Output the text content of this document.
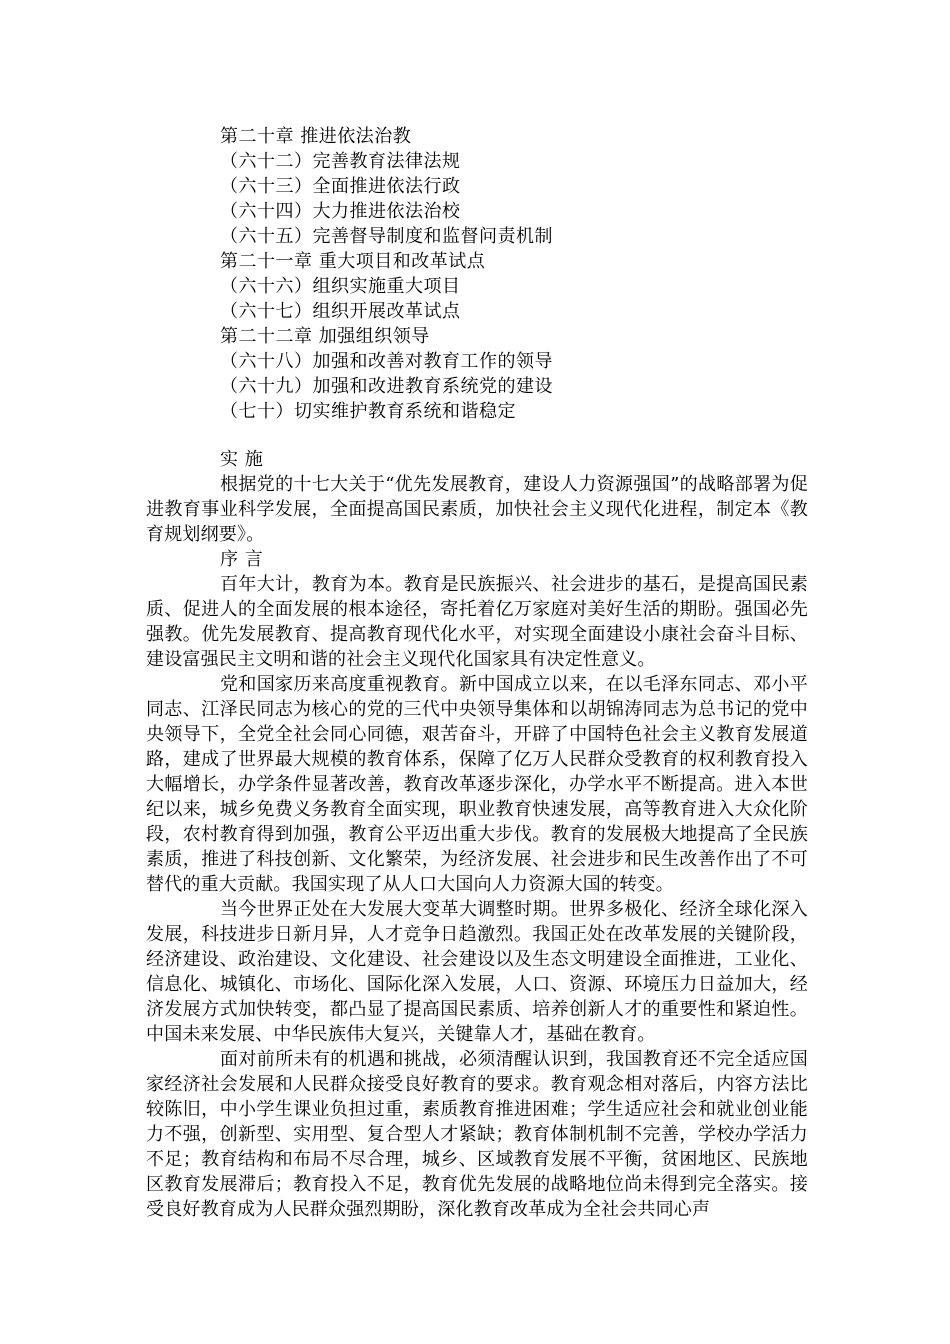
第二十章 推进依法治教
（六十二）完善教育法律法规
（六十三）全面推进依法行政
（六十四）大力推进依法治校
（六十五）完善督导制度和监督问责机制
第二十一章 重大项目和改革试点
（六十六）组织实施重大项目
（六十七）组织开展改革试点
第二十二章 加强组织领导
（六十八）加强和改善对教育工作的领导
（六十九）加强和改进教育系统党的建设
（七十）切实维护教育系统和谐稳定
实 施

根据党的十七大关于“优先发展教育，建设人力资源强国”的战略部署为促进教育事业科学发展，全面提高国民素质，加快社会主义现代化进程，制定本《教育规划纲要》。

序 言

百年大计，教育为本。教育是民族振兴、社会进步的基石，是提高国民素质、促进人的全面发展的根本途径，寄托着亿万家庭对美好生活的期盼。强国必先强教。优先发展教育、提高教育现代化水平，对实现全面建设小康社会奋斗目标、建设富强民主文明和谐的社会主义现代化国家具有决定性意义。

党和国家历来高度重视教育。新中国成立以来，在以毛泽东同志、邓小平同志、江泽民同志为核心的党的三代中央领导集体和以胡锦涛同志为总书记的党中央领导下，全党全社会同心同德，艰苦奋斗，开辟了中国特色社会主义教育发展道路，建成了世界最大规模的教育体系，保障了亿万人民群众受教育的权利教育投入大幅增长，办学条件显著改善，教育改革逐步深化，办学水平不断提高。进入本世纪以来，城乡免费义务教育全面实现，职业教育快速发展，高等教育进入大众化阶段，农村教育得到加强，教育公平迈出重大步伐。教育的发展极大地提高了全民族素质，推进了科技创新、文化繁荣，为经济发展、社会进步和民生改善作出了不可替代的重大贡献。我国实现了从人口大国向人力资源大国的转变。

当今世界正处在大发展大变革大调整时期。世界多极化、经济全球化深入发展，科技进步日新月异，人才竞争日趋激烈。我国正处在改革发展的关键阶段，经济建设、政治建设、文化建设、社会建设以及生态文明建设全面推进，工业化、信息化、城镇化、市场化、国际化深入发展，人口、资源、环境压力日益加大，经济发展方式加快转变，都凸显了提高国民素质、培养创新人才的重要性和紧迫性。中国未来发展、中华民族伟大复兴，关键靠人才，基础在教育。

面对前所未有的机遇和挑战，必须清醒认识到，我国教育还不完全适应国家经济社会发展和人民群众接受良好教育的要求。教育观念相对落后，内容方法比较陈旧，中小学生课业负担过重，素质教育推进困难；学生适应社会和就业创业能力不强，创新型、实用型、复合型人才紧缺；教育体制机制不完善，学校办学活力不足；教育结构和布局不尽合理，城乡、区域教育发展不平衡，贫困地区、民族地区教育发展滞后；教育投入不足，教育优先发展的战略地位尚未得到完全落实。接受良好教育成为人民群众强烈期盼，深化教育改革成为全社会共同心声
